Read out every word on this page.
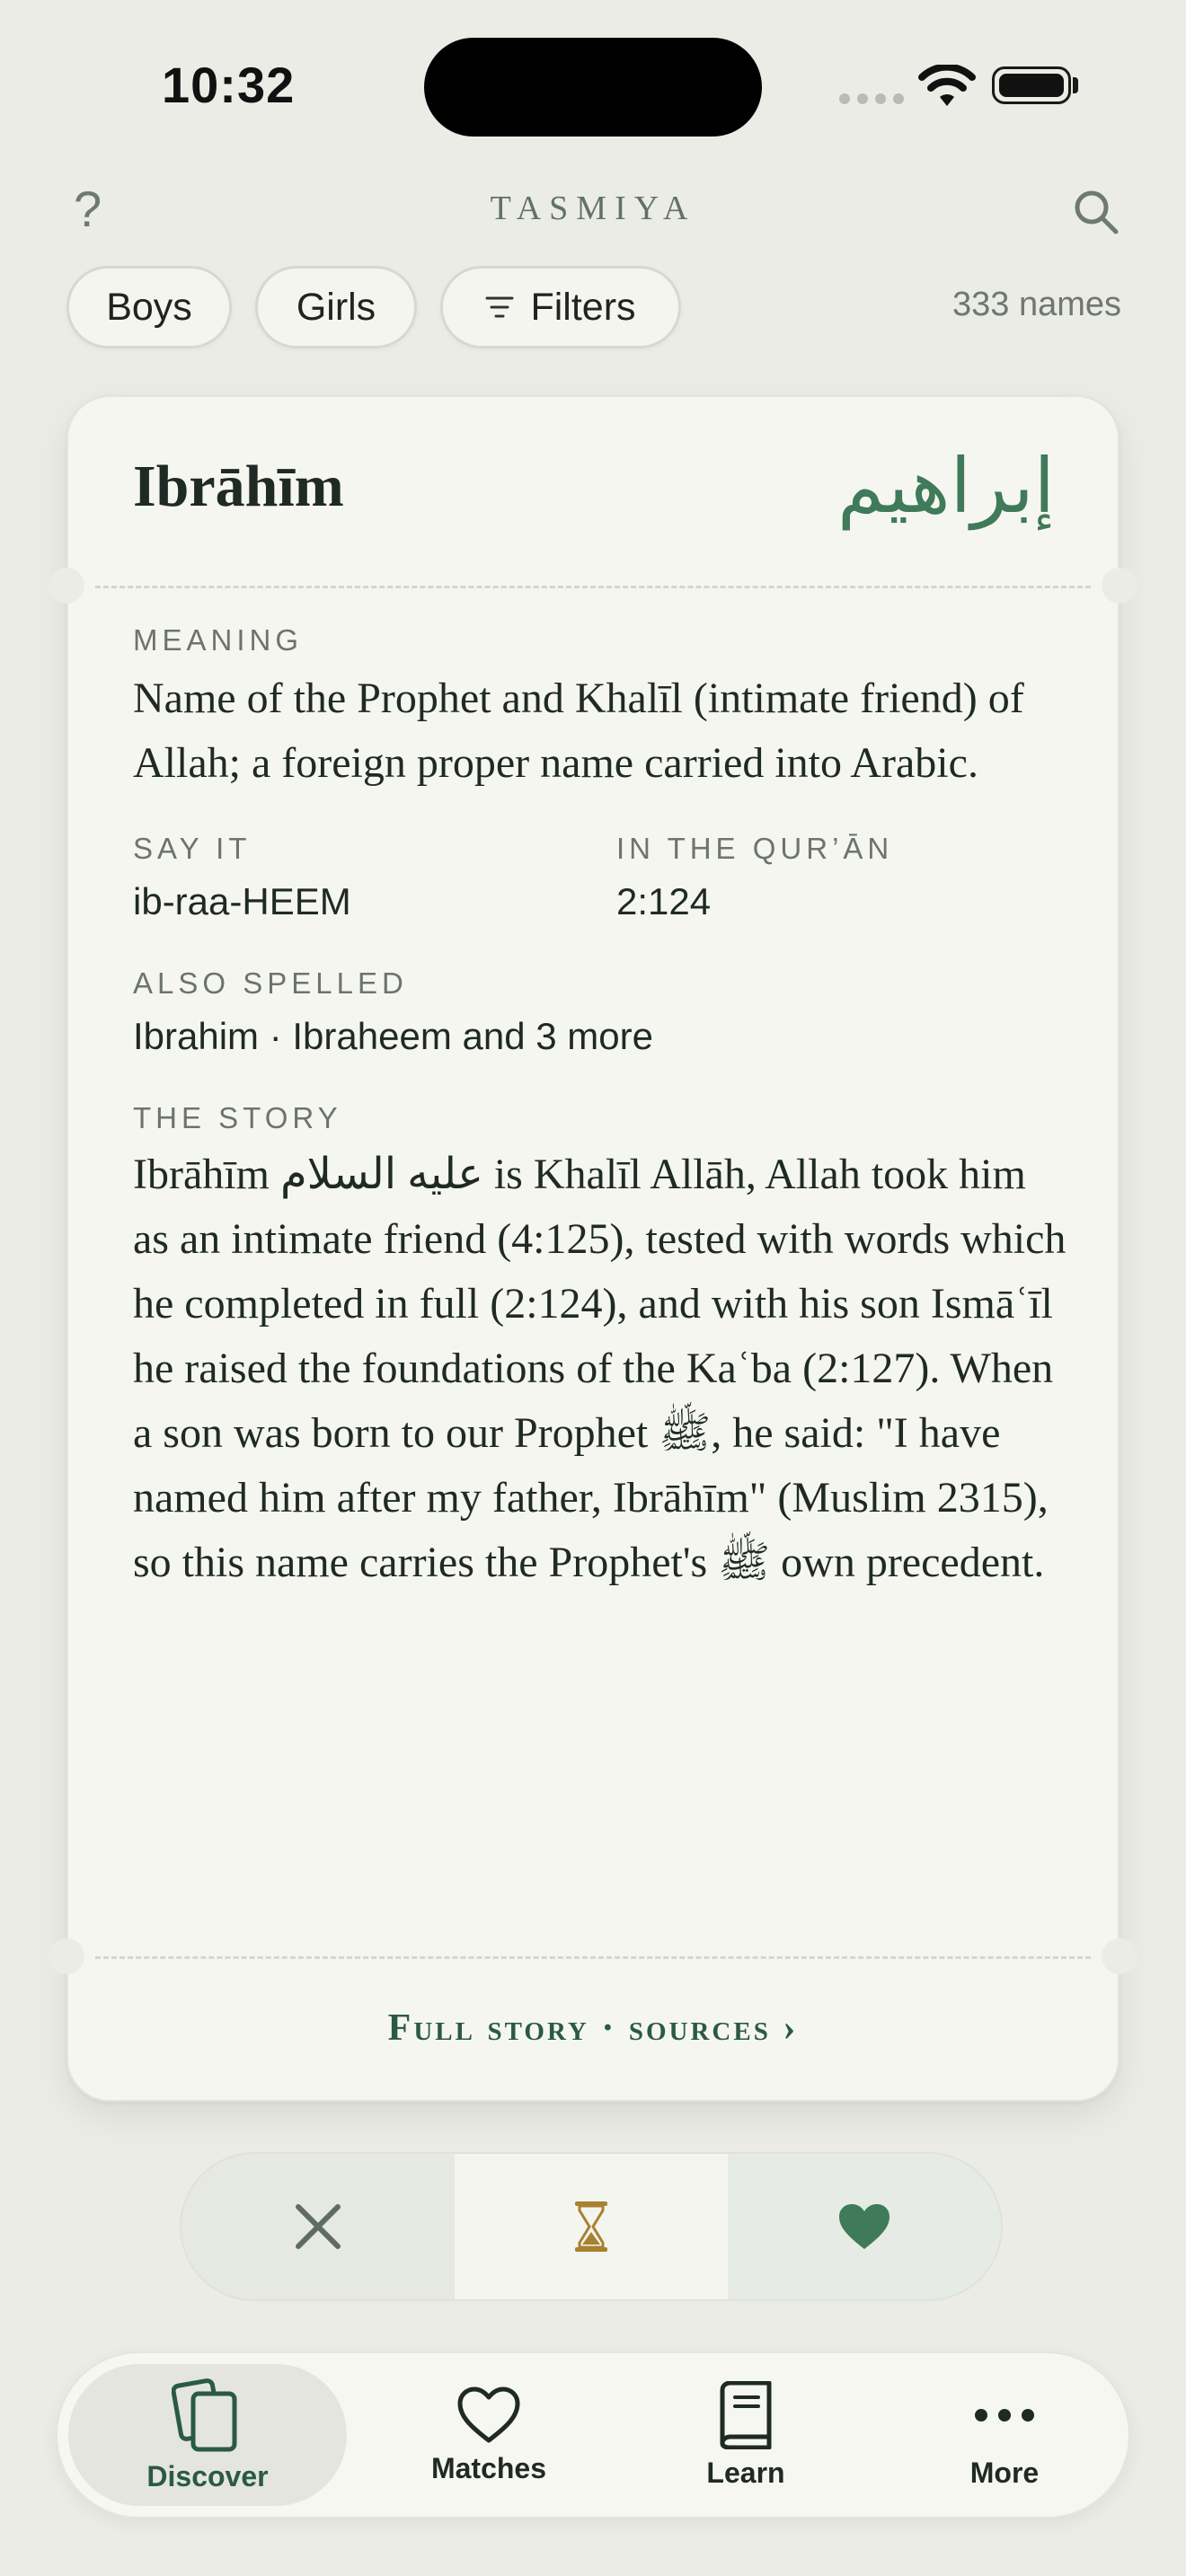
10:32
?	TASMIYA
Boys	Girls	Filters	333 names
Ibrāhīm	إبراهيم
MEANING
Name of the Prophet and Khalīl (intimate friend) of Allah; a foreign proper name carried into Arabic.
SAY IT
ib-raa-HEEM
IN THE QUR’ĀN
2:124
ALSO SPELLED
Ibrahim · Ibraheem and 3 more
THE STORY
Ibrāhīm عليه السلام is Khalīl Allāh, Allah took him as an intimate friend (4:125), tested with words which he completed in full (2:124), and with his son Ismāʿīl he raised the foundations of the Kaʿba (2:127). When a son was born to our Prophet ﷺ, he said: "I have named him after my father, Ibrāhīm" (Muslim 2315), so this name carries the Prophet's ﷺ own precedent.
Full story · sources ›
Discover	Matches	Learn	More
